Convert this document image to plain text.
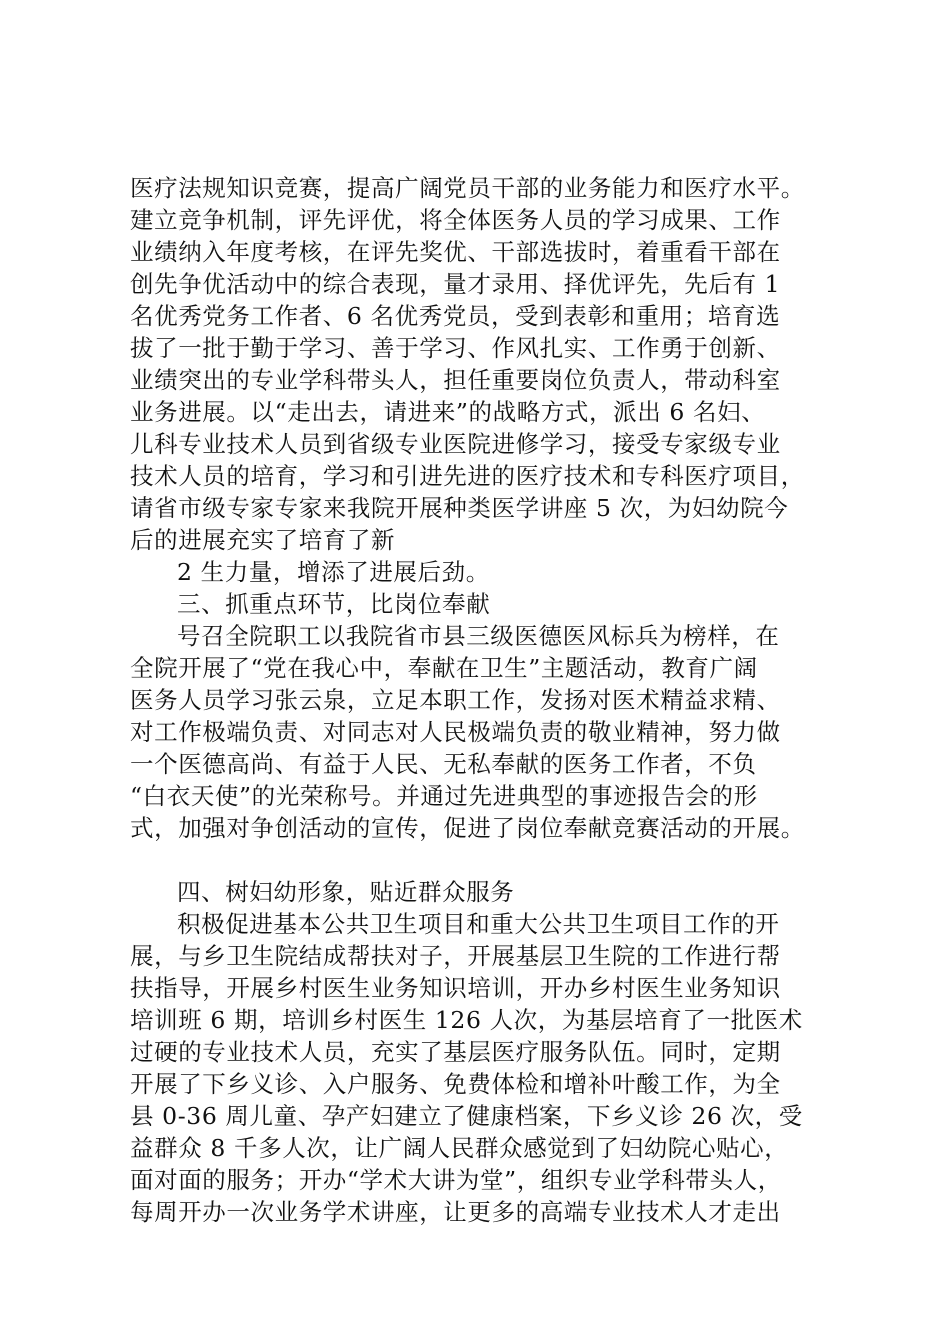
医疗法规知识竞赛，提高广阔党员干部的业务能力和医疗水平。
建立竞争机制，评先评优，将全体医务人员的学习成果、工作
业绩纳入年度考核，在评先奖优、干部选拔时，着重看干部在
创先争优活动中的综合表现，量才录用、择优评先，先后有 1
名优秀党务工作者、6 名优秀党员，受到表彰和重用；培育选
拔了一批于勤于学习、善于学习、作风扎实、工作勇于创新、
业绩突出的专业学科带头人，担任重要岗位负责人，带动科室
业务进展。以“走出去，请进来”的战略方式，派出 6 名妇、
儿科专业技术人员到省级专业医院进修学习，接受专家级专业
技术人员的培育，学习和引进先进的医疗技术和专科医疗项目，
请省市级专家专家来我院开展种类医学讲座 5 次，为妇幼院今
后的进展充实了培育了新
2 生力量，增添了进展后劲。
三、抓重点环节，比岗位奉献
号召全院职工以我院省市县三级医德医风标兵为榜样，在
全院开展了“党在我心中，奉献在卫生”主题活动，教育广阔
医务人员学习张云泉，立足本职工作，发扬对医术精益求精、
对工作极端负责、对同志对人民极端负责的敬业精神，努力做
一个医德高尚、有益于人民、无私奉献的医务工作者，不负
“白衣天使”的光荣称号。并通过先进典型的事迹报告会的形
式，加强对争创活动的宣传，促进了岗位奉献竞赛活动的开展。
四、树妇幼形象，贴近群众服务
积极促进基本公共卫生项目和重大公共卫生项目工作的开
展，与乡卫生院结成帮扶对子，开展基层卫生院的工作进行帮
扶指导，开展乡村医生业务知识培训，开办乡村医生业务知识
培训班 6 期，培训乡村医生 126 人次，为基层培育了一批医术
过硬的专业技术人员，充实了基层医疗服务队伍。同时，定期
开展了下乡义诊、入户服务、免费体检和增补叶酸工作，为全
县 0-36 周儿童、孕产妇建立了健康档案，下乡义诊 26 次，受
益群众 8 千多人次，让广阔人民群众感觉到了妇幼院心贴心，
面对面的服务；开办“学术大讲为堂”，组织专业学科带头人，
每周开办一次业务学术讲座，让更多的高端专业技术人才走出
